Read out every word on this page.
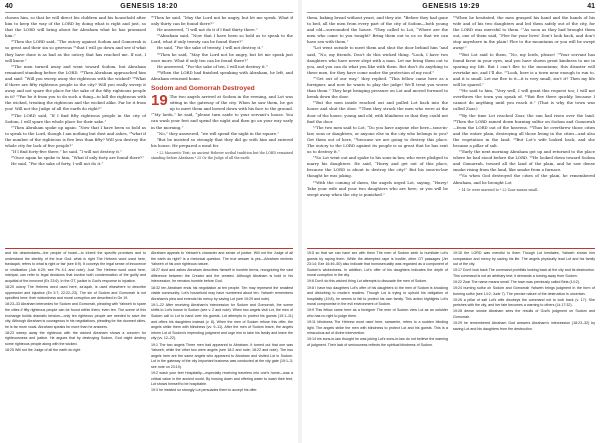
40	GENESIS 18:20

chosen him, so that he will direct his children and his household after him to keep the way of the LORD by doing what is right and just, so that the LORD will bring about for Abraham what he has promised him.”

²⁰Then the LORD said, “The outcry against Sodom and Gomorrah is so great and their sin so grievous ²¹that I will go down and see if what they have done is as bad as the outcry that has reached me. If not, I will know.”

²²The men turned away and went toward Sodom, but Abraham remained standing before the LORD. ²³Then Abraham approached him and said: “Will you sweep away the righteous with the wicked? ²⁴What if there are fifty righteous people in the city? Will you really sweep it away and not spare the place for the sake of the fifty righteous people in it? ²⁵Far be it from you to do such a thing—to kill the righteous with the wicked, treating the righteous and the wicked alike. Far be it from you! Will not the Judge of all the earth do right?”

²⁶The LORD said, “If I find fifty righteous people in the city of Sodom, I will spare the whole place for their sake.”

²⁷Then Abraham spoke up again: “Now that I have been so bold as to speak to the Lord, though I am nothing but dust and ashes, ²⁸what if the number of the righteous is five less than fifty? Will you destroy the whole city for lack of five people?”

“If I find forty-five there,” he said, “I will not destroy it.”

²⁹Once again he spoke to him, “What if only forty are found there?”

He said, “For the sake of forty, I will not do it.”

³⁰Then he said, “May the Lord not be angry, but let me speak. What if only thirty can be found there?”

He answered, “I will not do it if I find thirty there.”

³¹Abraham said, “Now that I have been so bold as to speak to the Lord, what if only twenty can be found there?”

He said, “For the sake of twenty, I will not destroy it.”

³²Then he said, “May the Lord not be angry, but let me speak just once more. What if only ten can be found there?”

He answered, “For the sake of ten, I will not destroy it.”

³³When the LORD had finished speaking with Abraham, he left, and Abraham returned home.

Sodom and Gomorrah Destroyed

19 The two angels arrived at Sodom in the evening, and Lot was sitting in the gateway of the city. When he saw them, he got up to meet them and bowed down with his face to the ground. ²“My lords,” he said, “please turn aside to your servant’s house. You can wash your feet and spend the night and then go on your way early in the morning.”

“No,” they answered, “we will spend the night in the square.”

³But he insisted so strongly that they did go with him and entered his house. He prepared a meal for

ᵃ 22 Masoretic Text; an ancient Hebrew scribal tradition but the LORD remained standing before Abraham ᵇ 25 Or the Judge of all the earth

and his descendants—the people of Israel—to inherit the specific promises and to understand the identity of the true God. what is right The Hebrew word used here, tsedaqah, refers to what is right or fair (see 6:9). It conveys the legal sense of innocence or vindication (Job 6:29; see Ps 4:1 and note). Just The Hebrew word used here, mishpat, can refer to legal decisions that involve both condemnation of the guilty and acquittal of the innocent (Ex 23:6). In the OT, justice is God’s response to injustice.

18:20 outcry The Hebrew word used here, za’aqah, is used elsewhere to describe oppression and injustice (Ex 3:7; 22:22–23). The sin of Sodom and Gomorrah is not specified here; their wickedness and moral corruption are described in Ge 19.

18:23–33 Abraham intercedes for Sodom and Gomorrah, pleading with Yahweh to spare the cities if fifty righteous people can be found within them; even ten. The scene of this exchange builds dramatic tension—only ten righteous people are needed to save the city. Although Abraham is courageous in his negotiations, pleading for the doomed cities, he is far more vocal. Abraham speaks for more than he answers.

18:23 sweep away the righteous with the wicked Abraham shows a concern for righteousness and justice. He argues that by destroying Sodom, God might destroy some righteous people along with the wicked.

18:25 Will not the Judge of all the earth do right

Abraham appeals to Yahweh’s character and sense of justice. Will not the Judge of all the earth do right? is a rhetorical question. The true answer is yes—Abraham reminds Yahweh of his own righteous nature.

18:27 dust and ashes Abraham describes himself in humble terms, recognizing the vast difference between the Creator and the created. Although Abraham is bold in his intercession, he remains humble before God.

18:32 ten Abraham ends his negotiation at ten people. Ten may represent the smallest viable community; Lot’s household may have numbered about ten. Yahweh remembers Abraham’s plea and extends his mercy by saving Lot (see 19:29 and note).

19:1–22 After receiving Abraham’s intercession for Sodom and Gomorrah, the scene shifts to Lot’s house in Sodom (see v. 2 and note). When two angels visit Lot, the men of Sodom call to Lot to hand over his guests. Lot attempts to protect his guests (19:1–11) and offers his daughters instead (v. 8). When the men of Sodom refuse this offer, the angels strike them with blindness (vv. 9–11). After the men of Sodom leave, the angels inform Lot of Sodom’s impending judgment and urge him to take his family and leave the city (vv. 12–22).

19:1 The two angels Three men had appeared to Abraham. It turned out that one was Yahweh, while the other two were angels (see 18:2 and note; 18:22 and note). The two angels here are the same angels who appeared to Abraham and visited Lot in Sodom. Lot in the gateway of the city Important business was conducted at the city gate (19:1–3; see note on 23:10).

19:2 wash your feet Hospitality—especially receiving travelers into one’s home—was a critical value in the ancient world. By bowing down and offering water to wash their feet, Lot shows himself to be hospitable.

19:3 he insisted so strongly Lot persuades them to accept his offer.

GENESIS 19:29	41

them, baking bread without yeast, and they ate. ⁴Before they had gone to bed, all the men from every part of the city of Sodom—both young and old—surrounded the house. ⁵They called to Lot, “Where are the men who came to you tonight? Bring them out to us so that we can have sex with them.”

⁶Lot went outside to meet them and shut the door behind him ⁷and said, “No, my friends. Don’t do this wicked thing. ⁸Look, I have two daughters who have never slept with a man. Let me bring them out to you, and you can do what you like with them. But don’t do anything to these men, for they have come under the protection of my roof.”

⁹“Get out of our way,” they replied. “This fellow came here as a foreigner, and now he wants to play the judge! We’ll treat you worse than them.” They kept bringing pressure on Lot and moved forward to break down the door.

¹⁰But the men inside reached out and pulled Lot back into the house and shut the door. ¹¹Then they struck the men who were at the door of the house, young and old, with blindness so that they could not find the door.

¹²The two men said to Lot, “Do you have anyone else here—sons-in-law, sons or daughters, or anyone else in the city who belongs to you? Get them out of here, ¹³because we are going to destroy this place. The outcry to the LORD against its people is so great that he has sent us to destroy it.”

¹⁴So Lot went out and spoke to his sons-in-law, who were pledged to marry his daughters. He said, “Hurry and get out of this place, because the LORD is about to destroy the city!” But his sons-in-law thought he was joking.

¹⁵With the coming of dawn, the angels urged Lot, saying, “Hurry! Take your wife and your two daughters who are here, or you will be swept away when the city is punished.”

¹⁶When he hesitated, the men grasped his hand and the hands of his wife and of his two daughters and led them safely out of the city, for the LORD was merciful to them. ¹⁷As soon as they had brought them out, one of them said, “Flee for your lives! Don’t look back, and don’t stop anywhere in the plain! Flee to the mountains or you will be swept away!”

¹⁸But Lot said to them, “No, my lords, please! ¹⁹Your servant has found favor in your eyes, and you have shown great kindness to me in sparing my life. But I can’t flee to the mountains; this disaster will overtake me, and I’ll die. ²⁰Look, here is a town near enough to run to, and it is small. Let me flee to it—it is very small, isn’t it? Then my life will be spared.”

²¹He said to him, “Very well, I will grant this request too; I will not overthrow the town you speak of. ²²But flee there quickly, because I cannot do anything until you reach it.” (That is why the town was called Zoar.)

²³By the time Lot reached Zoar, the sun had risen over the land. ²⁴Then the LORD rained down burning sulfur on Sodom and Gomorrah—from the LORD out of the heavens. ²⁵Thus he overthrew those cities and the entire plain, destroying all those living in the cities—and also the vegetation in the land. ²⁶But Lot’s wife looked back, and she became a pillar of salt.

²⁷Early the next morning Abraham got up and returned to the place where he had stood before the LORD. ²⁸He looked down toward Sodom and Gomorrah, toward all the land of the plain, and he saw dense smoke rising from the land, like smoke from a furnace.

²⁹So when God destroyed the cities of the plain, he remembered Abraham, and he brought Lot

ᵃ 14 Or were married to ᵇ 22 Zoar means small.

19:5 so that we can have sex with them The men of Sodom seek to humiliate Lot’s guests by raping them. While the attempted rape is hostile, other OT passages (Jer 23:14; Eze 16:49–50) also indicate that homosexuality was regarded as a component of Sodom’s wickedness. In addition, Lot’s offer of his daughters indicates the depth of moral corruption in the city.

19:6 Don’t do this wicked thing Lot attempts to dissuade the men of Sodom.

19:8 I have two daughters Lot’s offer of his daughters to the men of Sodom is shocking and disturbing to modern readers. Though Lot is trying to uphold his obligation of hospitality (19:8), he seems to fail to protect his own family. This action highlights Lot’s moral compromise in the evil environment of Sodom.

19:9 This fellow came here as a foreigner The men of Sodom view Lot as an outsider who has no right to judge them.

19:11 blindness The Hebrew word used here, sanwerim, refers to a sudden blinding light. The angels strike the men with blindness to protect Lot and his guests. This is a miraculous act of divine intervention.

19:14 his sons-in-law thought he was joking Lot’s sons-in-law do not believe the warning of judgment. Their lack of seriousness reflects the spiritual blindness of Sodom.

19:16 the LORD was merciful to them Though Lot hesitates, Yahweh shows him compassion and mercy by saving his life. The angels physically lead Lot and his family out of the city.

19:17 Don’t look back The command prohibits looking back at the city and its destruction. This command is not an arbitrary test; it demands a turning away from Sodom.

19:22 Zoar The name means small. The town was previously called Bela (14:2).

19:24 burning sulfur on Sodom and Gomorrah Yahweh brings judgment in the form of burning sulfur (see 14:2; Jude 7). The precise nature of the destruction is uncertain.

19:26 a pillar of salt Lot’s wife disobeys the command not to look back (v. 17). She perishes with the city, and her fate becomes a warning to others (Lk 17:32).

19:28 dense smoke Abraham sees the results of God’s judgment on Sodom and Gomorrah.

19:29 he remembered Abraham God answers Abraham’s intercession (18:23–32) by saving Lot and his daughters from the destruction.
